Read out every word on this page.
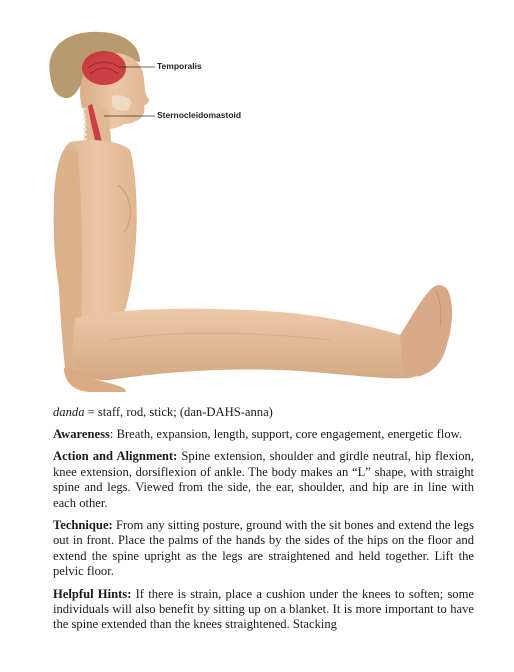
Temporalis
Sternocleidomastoid
danda = staff, rod, stick; (dan-DAHS-anna)

Awareness: Breath, expansion, length, support, core engagement, energetic flow.

Action and Alignment: Spine extension, shoulder and girdle neutral, hip flexion, knee extension, dorsiflexion of ankle. The body makes an “L” shape, with straight spine and legs. Viewed from the side, the ear, shoulder, and hip are in line with each other.

Technique: From any sitting posture, ground with the sit bones and extend the legs out in front. Place the palms of the hands by the sides of the hips on the floor and extend the spine upright as the legs are straightened and held together. Lift the pelvic floor.

Helpful Hints: If there is strain, place a cushion under the knees to soften; some individuals will also benefit by sitting up on a blanket. It is more important to have the spine extended than the knees straightened. Stacking
